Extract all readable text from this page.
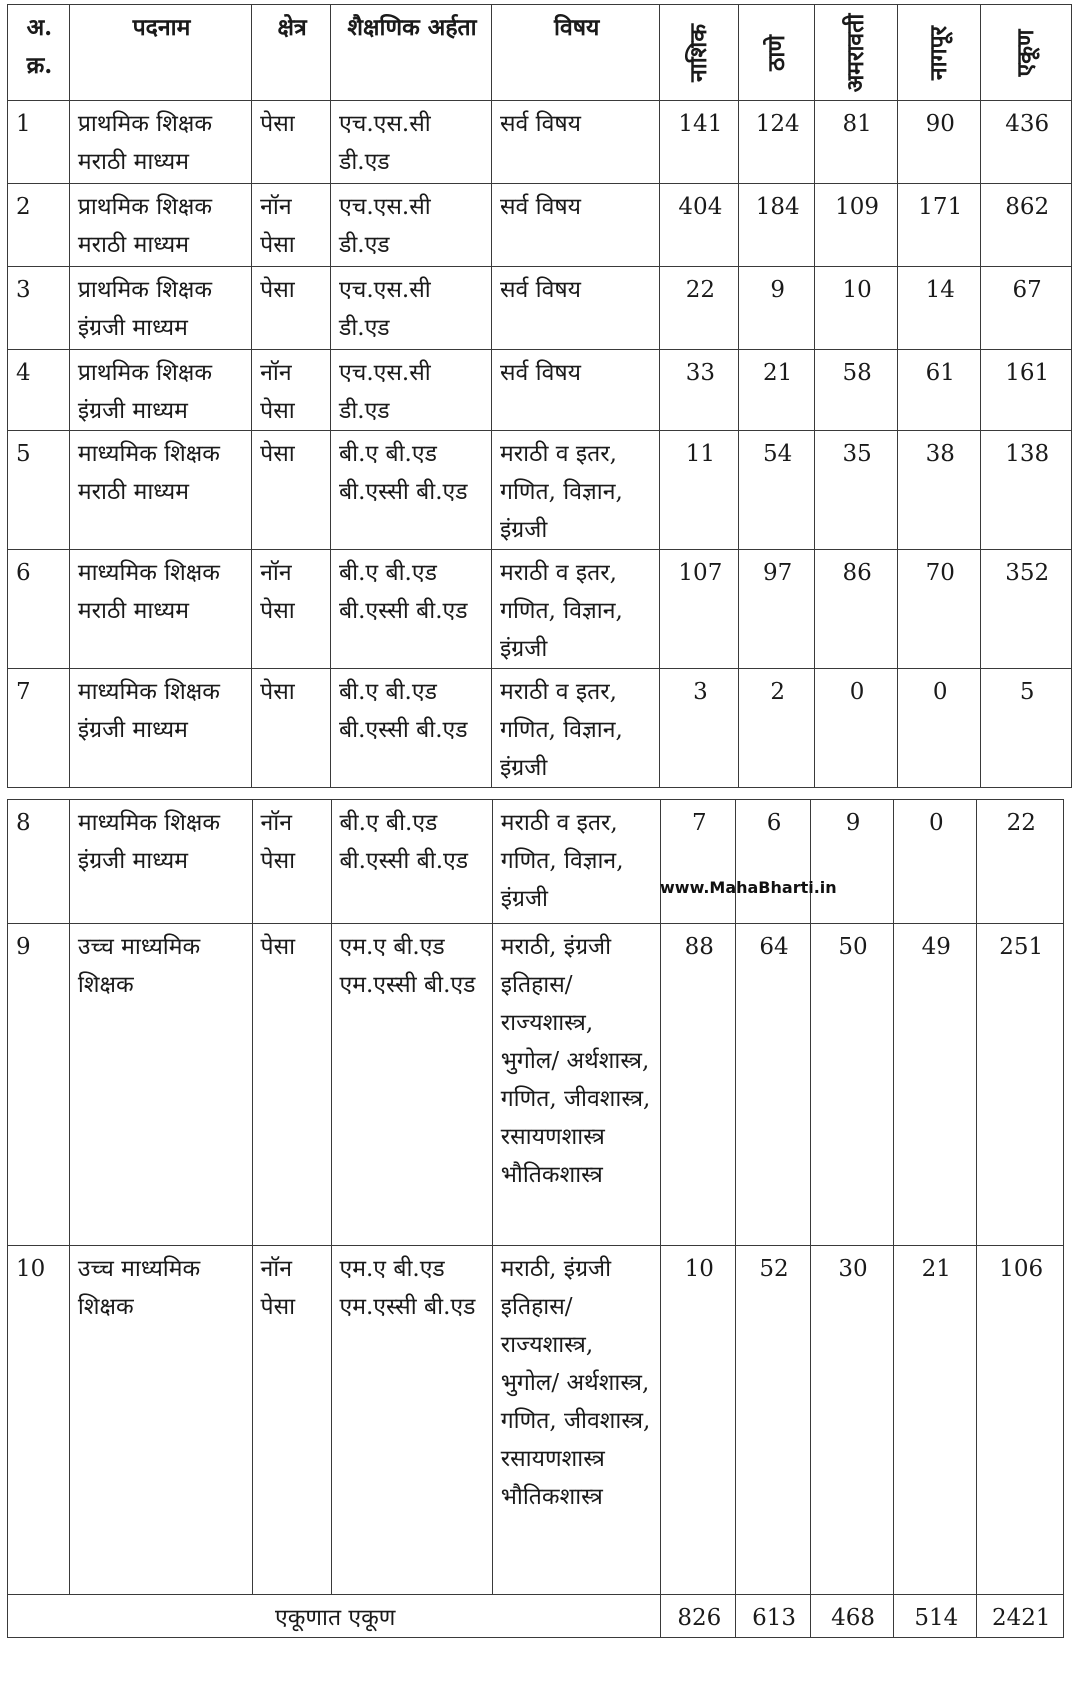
अ. क्र.	पदनाम	क्षेत्र	शैक्षणिक अर्हता	विषय	नाशिक	ठाणे	अमरावती	नागपूर	एकूण

1	प्राथमिक शिक्षक मराठी माध्यम	पेसा	एच.एस.सी डी.एड	सर्व विषय	141	124	81	90	436
2	प्राथमिक शिक्षक मराठी माध्यम	नॉन पेसा	एच.एस.सी डी.एड	सर्व विषय	404	184	109	171	862
3	प्राथमिक शिक्षक इंग्रजी माध्यम	पेसा	एच.एस.सी डी.एड	सर्व विषय	22	9	10	14	67
4	प्राथमिक शिक्षक इंग्रजी माध्यम	नॉन पेसा	एच.एस.सी डी.एड	सर्व विषय	33	21	58	61	161
5	माध्यमिक शिक्षक मराठी माध्यम	पेसा	बी.ए बी.एड बी.एस्सी बी.एड	मराठी व इतर, गणित, विज्ञान, इंग्रजी	11	54	35	38	138
6	माध्यमिक शिक्षक मराठी माध्यम	नॉन पेसा	बी.ए बी.एड बी.एस्सी बी.एड	मराठी व इतर, गणित, विज्ञान, इंग्रजी	107	97	86	70	352
7	माध्यमिक शिक्षक इंग्रजी माध्यम	पेसा	बी.ए बी.एड बी.एस्सी बी.एड	मराठी व इतर, गणित, विज्ञान, इंग्रजी	3	2	0	0	5
8	माध्यमिक शिक्षक इंग्रजी माध्यम	नॉन पेसा	बी.ए बी.एड बी.एस्सी बी.एड	मराठी व इतर, गणित, विज्ञान, इंग्रजी	7	6	9	0	22
9	उच्च माध्यमिक शिक्षक	पेसा	एम.ए बी.एड एम.एस्सी बी.एड	मराठी, इंग्रजी इतिहास/ राज्यशास्त्र, भुगोल/ अर्थशास्त्र, गणित, जीवशास्त्र, रसायणशास्त्र भौतिकशास्त्र	88	64	50	49	251
10	उच्च माध्यमिक शिक्षक	नॉन पेसा	एम.ए बी.एड एम.एस्सी बी.एड	मराठी, इंग्रजी इतिहास/ राज्यशास्त्र, भुगोल/ अर्थशास्त्र, गणित, जीवशास्त्र, रसायणशास्त्र भौतिकशास्त्र	10	52	30	21	106
एकूणात एकूण					826	613	468	514	2421
www.MahaBharti.in
